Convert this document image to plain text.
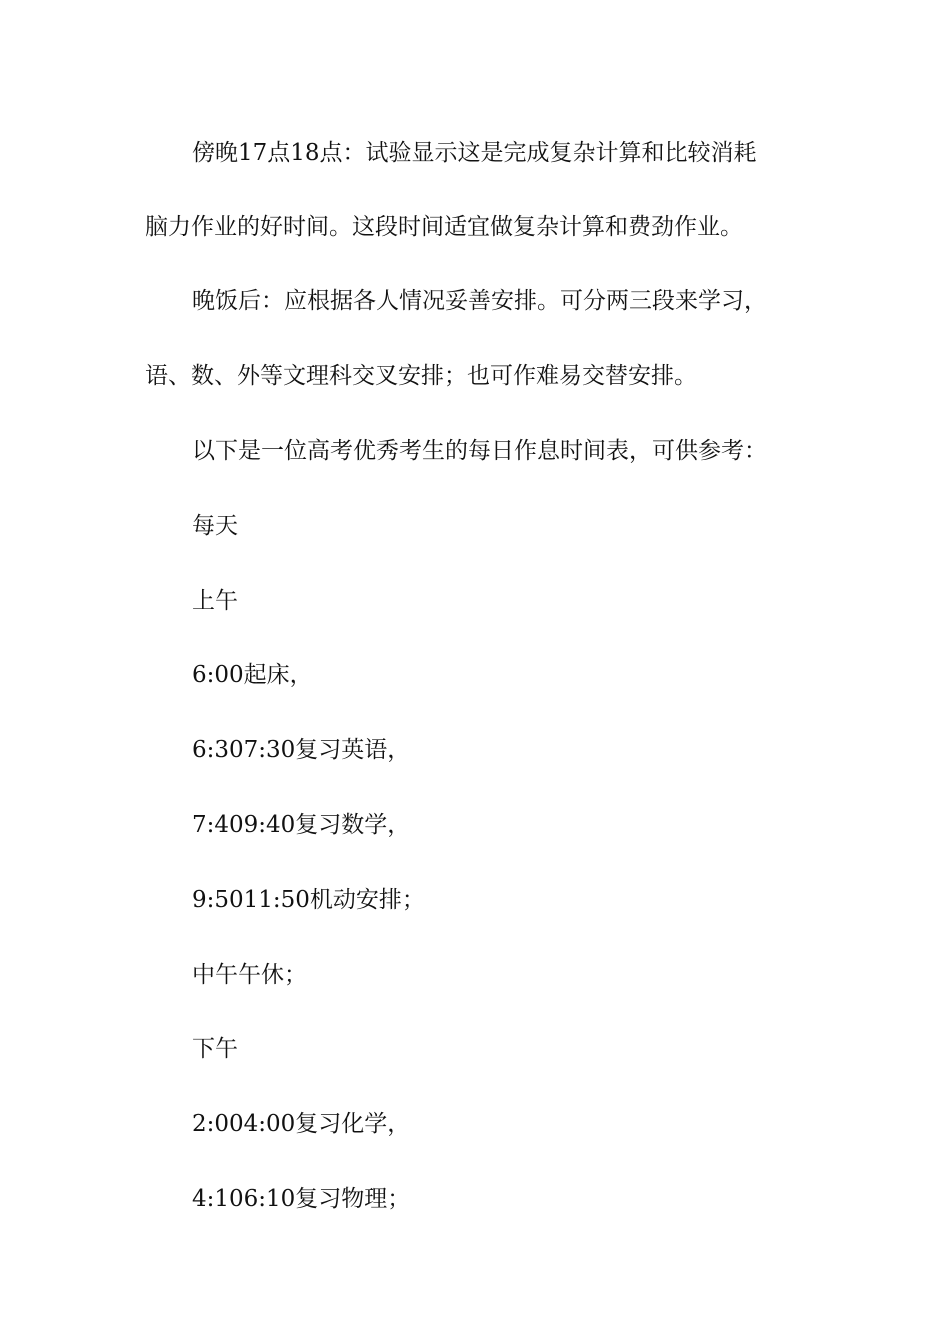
傍晚17点18点：试验显示这是完成复杂计算和比较消耗
脑力作业的好时间。这段时间适宜做复杂计算和费劲作业。
晚饭后：应根据各人情况妥善安排。可分两三段来学习，
语、数、外等文理科交叉安排；也可作难易交替安排。
以下是一位高考优秀考生的每日作息时间表，可供参考：
每天
上午
6:00起床，
6:307:30复习英语，
7:409:40复习数学，
9:5011:50机动安排；
中午午休；
下午
2:004:00复习化学，
4:106:10复习物理；
